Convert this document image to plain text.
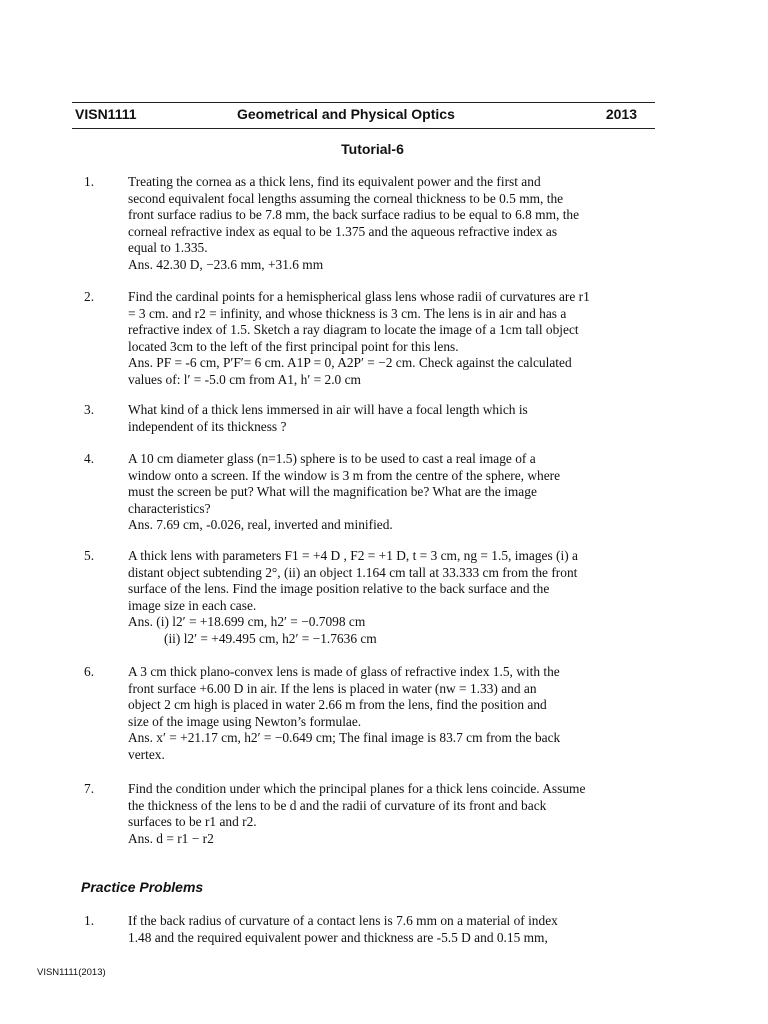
VISN1111	Geometrical and Physical Optics	2013
Tutorial-6
1.	Treating the cornea as a thick lens, find its equivalent power and the first and
second equivalent focal lengths assuming the corneal thickness to be 0.5 mm, the
front surface radius to be 7.8 mm, the back surface radius to be equal to 6.8 mm, the
corneal refractive index as equal to be 1.375 and the aqueous refractive index as
equal to 1.335.
Ans. 42.30 D, −23.6 mm, +31.6 mm
2.	Find the cardinal points for a hemispherical glass lens whose radii of curvatures are r1
= 3 cm. and r2 = infinity, and whose thickness is 3 cm. The lens is in air and has a
refractive index of 1.5. Sketch a ray diagram to locate the image of a 1cm tall object
located 3cm to the left of the first principal point for this lens.
Ans. PF = -6 cm, P′F′= 6 cm. A1P = 0, A2P′ = −2 cm. Check against the calculated
values of: l′ = -5.0 cm from A1, h′ = 2.0 cm
3.	What kind of a thick lens immersed in air will have a focal length which is
independent of its thickness ?
4.	A 10 cm diameter glass (n=1.5) sphere is to be used to cast a real image of a
window onto a screen. If the window is 3 m from the centre of the sphere, where
must the screen be put? What will the magnification be? What are the image
characteristics?
Ans. 7.69 cm, -0.026, real, inverted and minified.
5.	A thick lens with parameters F1 = +4 D , F2 = +1 D, t = 3 cm, ng = 1.5, images (i) a
distant object subtending 2°, (ii) an object 1.164 cm tall at 33.333 cm from the front
surface of the lens. Find the image position relative to the back surface and the
image size in each case.
Ans. (i) l2′ = +18.699 cm, h2′ = −0.7098 cm
(ii) l2′ = +49.495 cm, h2′ = −1.7636 cm
6.	A 3 cm thick plano-convex lens is made of glass of refractive index 1.5, with the
front surface +6.00 D in air. If the lens is placed in water (nw = 1.33) and an
object 2 cm high is placed in water 2.66 m from the lens, find the position and
size of the image using Newton’s formulae.
Ans. x′ = +21.17 cm, h2′ = −0.649 cm; The final image is 83.7 cm from the back
vertex.
7.	Find the condition under which the principal planes for a thick lens coincide. Assume
the thickness of the lens to be d and the radii of curvature of its front and back
surfaces to be r1 and r2.
Ans. d = r1 − r2
Practice Problems
1.	If the back radius of curvature of a contact lens is 7.6 mm on a material of index
1.48 and the required equivalent power and thickness are -5.5 D and 0.15 mm,
VISN1111(2013)
